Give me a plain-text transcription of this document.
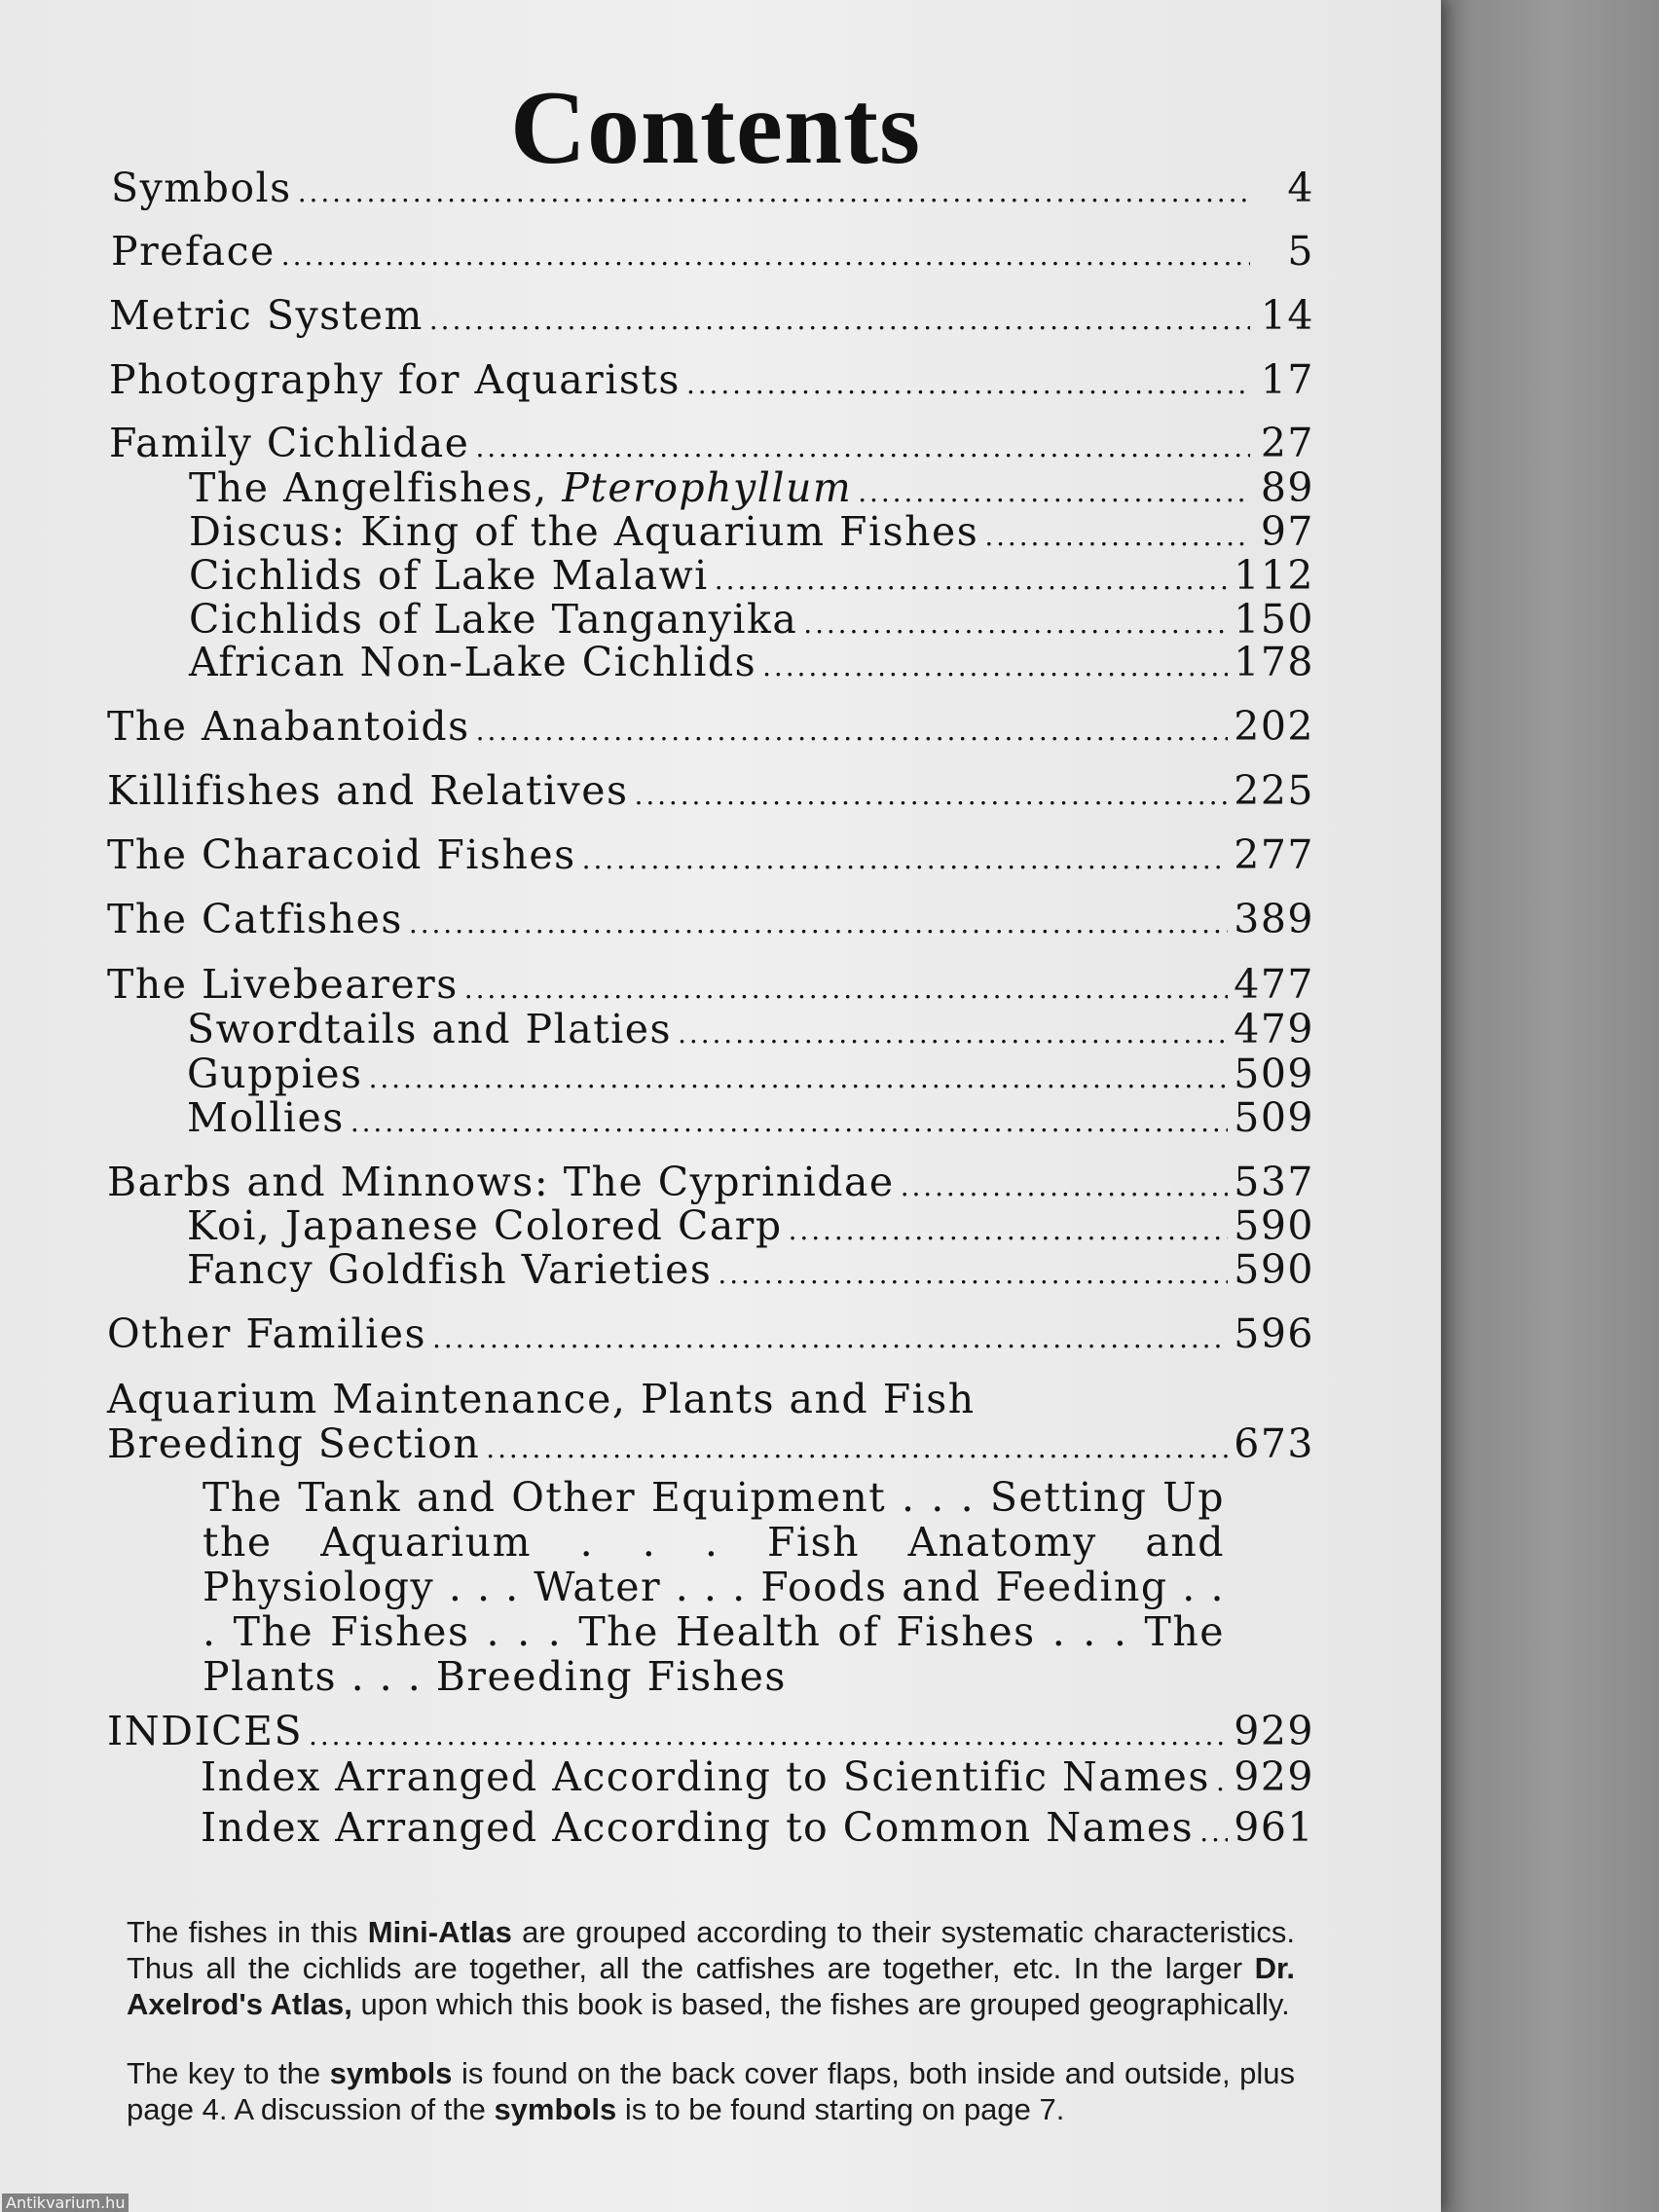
Contents
Symbols . . .	4
Preface . . .	5
Metric System . . .	14
Photography for Aquarists . . .	17
Family Cichlidae . . .	27
The Angelfishes, Pterophyllum . . .	89
Discus: King of the Aquarium Fishes . . .	97
Cichlids of Lake Malawi . . .	112
Cichlids of Lake Tanganyika . . .	150
African Non-Lake Cichlids . . .	178
The Anabantoids . . .	202
Killifishes and Relatives . . .	225
The Characoid Fishes . . .	277
The Catfishes . . .	389
The Livebearers . . .	477
Swordtails and Platies . . .	479
Guppies . . .	509
Mollies . . .	509
Barbs and Minnows: The Cyprinidae . . .	537
Koi, Japanese Colored Carp . . .	590
Fancy Goldfish Varieties . . .	590
Other Families . . .	596
Aquarium Maintenance, Plants and Fish
Breeding Section . . .	673
INDICES . . .	929
Index Arranged According to Scientific Names . . . 929
Index Arranged According to Common Names . . . 961
The Tank and Other Equipment . . . Setting Up the Aquarium . . . Fish Anatomy and Physiology . . . Water . . . Foods and Feeding . . . The Fishes . . . The Health of Fishes . . . The Plants . . . Breeding Fishes

The fishes in this Mini-Atlas are grouped according to their systematic characteristics. Thus all the cichlids are together, all the catfishes are together, etc. In the larger Dr. Axelrod's Atlas, upon which this book is based, the fishes are grouped geographically.

The key to the symbols is found on the back cover flaps, both inside and outside, plus page 4. A discussion of the symbols is to be found starting on page 7.

Antikvarium.hu
